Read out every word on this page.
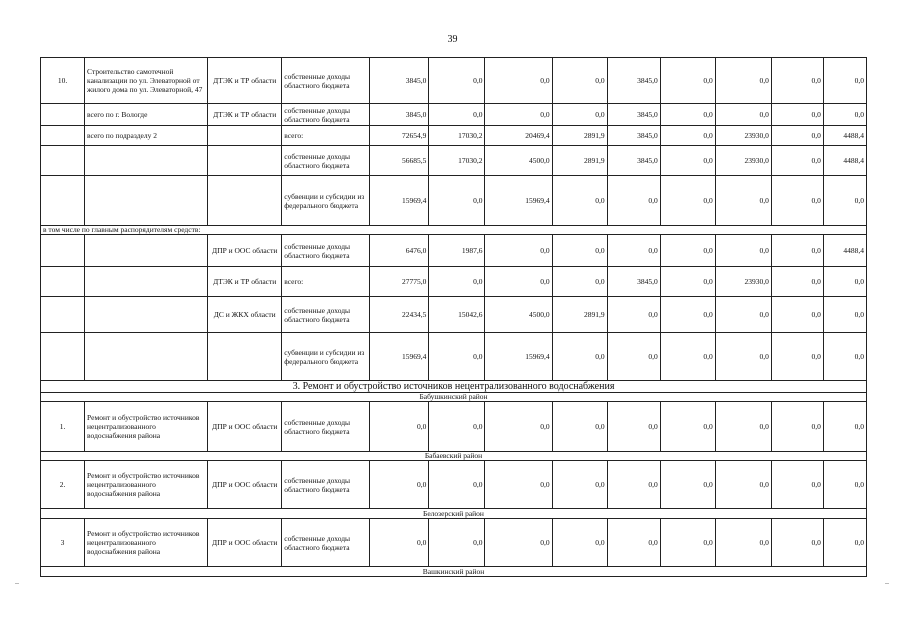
39
10.	Строительство самотечной канализации по ул. Элеваторной от жилого дома по ул. Элеваторной, 47	ДТЭК и ТР области	собственные доходы областного бюджета	3845,0	0,0	0,0	0,0	3845,0	0,0	0,0	0,0	0,0
	всего по г. Вологде	ДТЭК и ТР области	собственные доходы областного бюджета	3845,0	0,0	0,0	0,0	3845,0	0,0	0,0	0,0	0,0
	всего по подразделу 2		всего:	72654,9	17030,2	20469,4	2891,9	3845,0	0,0	23930,0	0,0	4488,4
			собственные доходы областного бюджета	56685,5	17030,2	4500,0	2891,9	3845,0	0,0	23930,0	0,0	4488,4
			субвенции и субсидии из федерального бюджета	15969,4	0,0	15969,4	0,0	0,0	0,0	0,0	0,0	0,0
в том числе по главным распорядителям средств:												
		ДПР и ООС области	собственные доходы областного бюджета	6476,0	1987,6	0,0	0,0	0,0	0,0	0,0	0,0	4488,4
		ДТЭК и ТР области	всего:	27775,0	0,0	0,0	0,0	3845,0	0,0	23930,0	0,0	0,0
		ДС и ЖКХ области	собственные доходы областного бюджета	22434,5	15042,6	4500,0	2891,9	0,0	0,0	0,0	0,0	0,0
			субвенции и субсидии из федерального бюджета	15969,4	0,0	15969,4	0,0	0,0	0,0	0,0	0,0	0,0
3. Ремонт и обустройство источников нецентрализованного водоснабжения												
Бабушкинский район												
1.	Ремонт и обустройство источников нецентрализованного водоснабжения района	ДПР и ООС области	собственные доходы областного бюджета	0,0	0,0	0,0	0,0	0,0	0,0	0,0	0,0	0,0
Бабаевский район												
2.	Ремонт и обустройство источников нецентрализованного водоснабжения района	ДПР и ООС области	собственные доходы областного бюджета	0,0	0,0	0,0	0,0	0,0	0,0	0,0	0,0	0,0
Белозерский район												
3	Ремонт и обустройство источников нецентрализованного водоснабжения района	ДПР и ООС области	собственные доходы областного бюджета	0,0	0,0	0,0	0,0	0,0	0,0	0,0	0,0	0,0
Вашкинский район												
